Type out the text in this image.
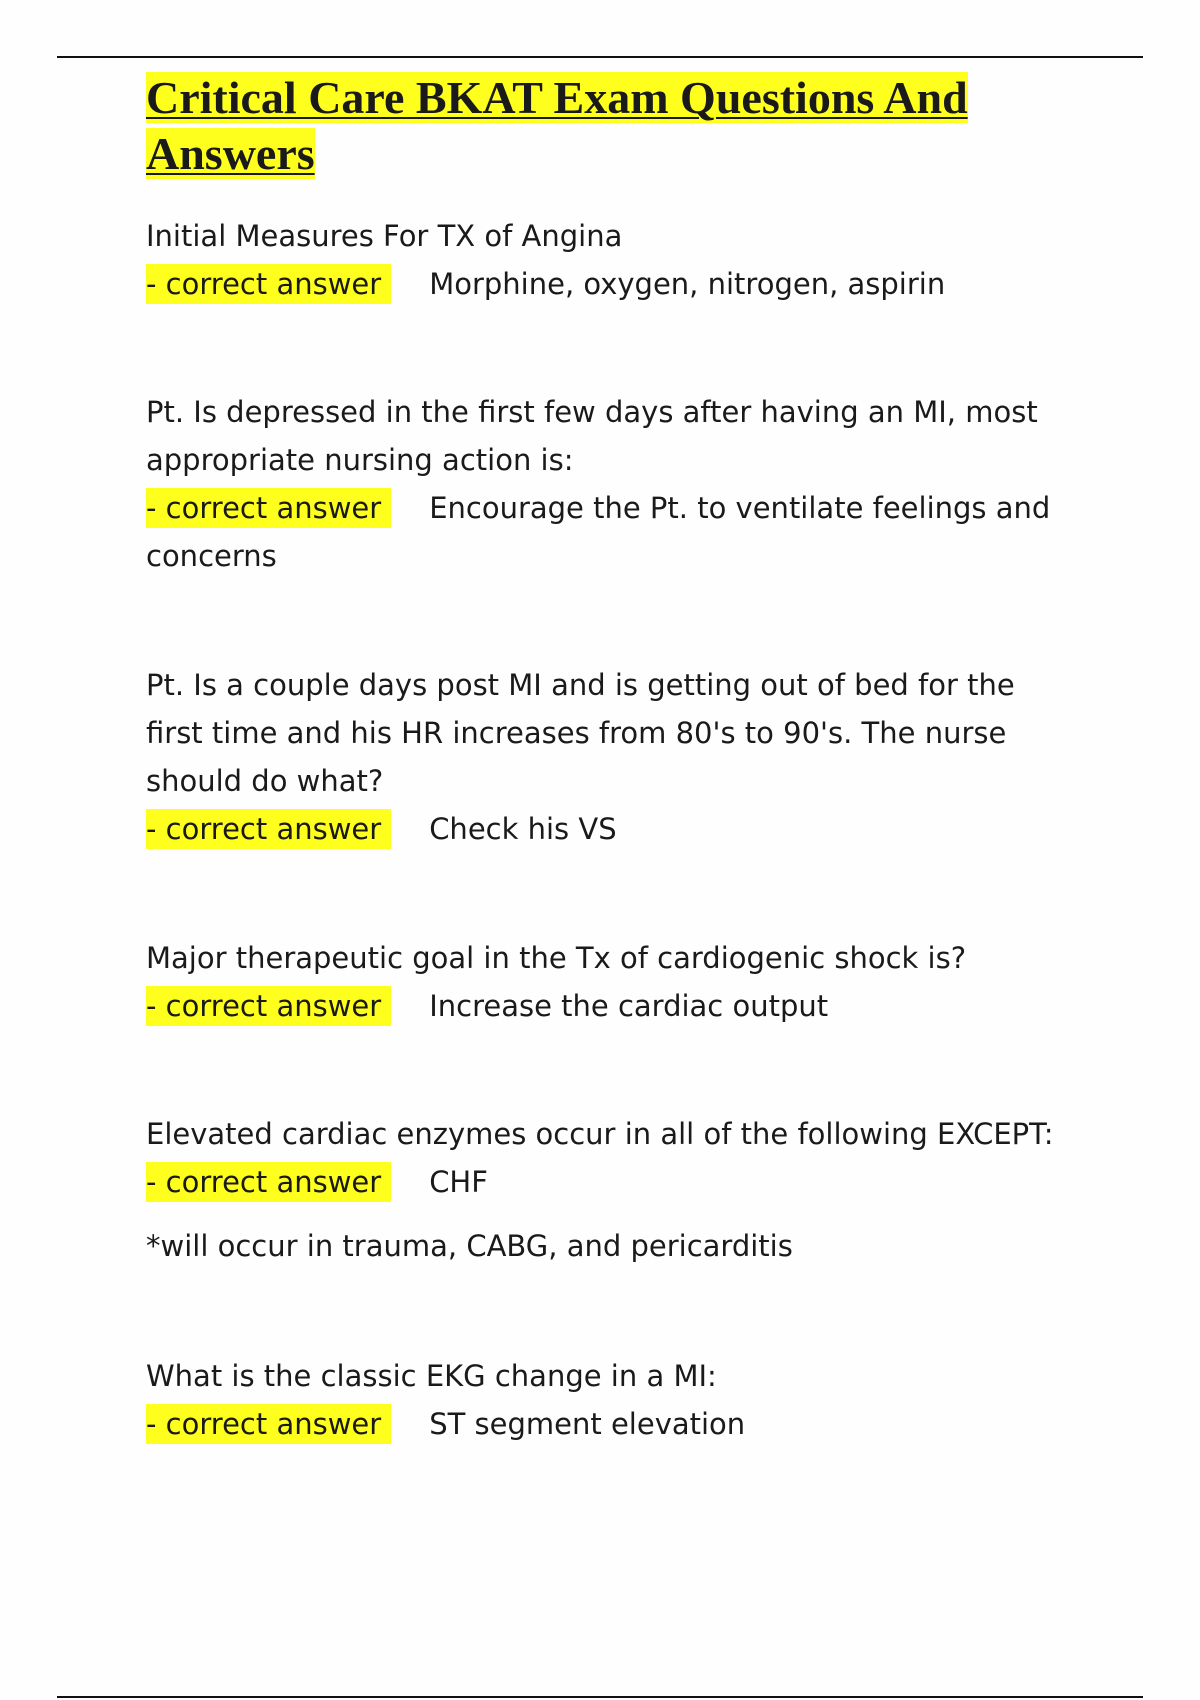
Critical Care BKAT Exam Questions And Answers

Initial Measures For TX of Angina

- correct answer Morphine, oxygen, nitrogen, aspirin

Pt. Is depressed in the first few days after having an MI, most appropriate nursing action is:

- correct answer Encourage the Pt. to ventilate feelings and concerns

Pt. Is a couple days post MI and is getting out of bed for the first time and his HR increases from 80's to 90's. The nurse should do what?

- correct answer Check his VS

Major therapeutic goal in the Tx of cardiogenic shock is?

- correct answer Increase the cardiac output

Elevated cardiac enzymes occur in all of the following EXCEPT:

- correct answer CHF

*will occur in trauma, CABG, and pericarditis

What is the classic EKG change in a MI:

- correct answer ST segment elevation
